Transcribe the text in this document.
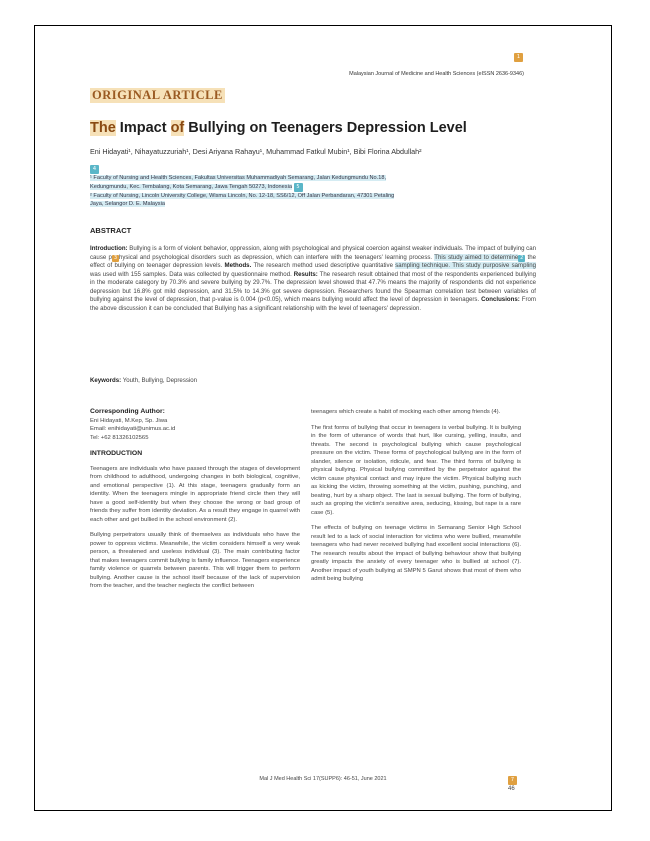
1
Malaysian Journal of Medicine and Health Sciences (eISSN 2636-9346)
ORIGINAL ARTICLE
The Impact of Bullying on Teenagers Depression Level
Eni Hidayati¹, Nihayatuzzuriah¹, Desi Ariyana Rahayu¹, Muhammad Fatkul Mubin¹, Bibi Florina Abdullah²
4
¹ Faculty of Nursing and Health Sciences, Fakultas Universitas Muhammadiyah Semarang, Jalan Kedungmundu No.18,
Kedungmundu, Kec. Tembalang, Kota Semarang, Jawa Tengah 50273, Indonesia 5
² Faculty of Nursing, Lincoln University College, Wisma Lincoln, No. 12-18, SS6/12, Off Jalan Perbandaran, 47301 Petaling
Jaya, Selangor D. E. Malaysia
ABSTRACT
Introduction: Bullying is a form of violent behavior, oppression, along with psychological and physical coercion against weaker individuals. The impact of bullying can cause p 3 hysical and psychological disorders such as depression, which can interfere with the teenagers' learning process. This study aimed to determine 2 the effect of bullying on teenager depression levels. Methods. The research method used descriptive quantitative sampling technique. This study purposive sampling was used with 155 samples. Data was collected by questionnaire method. Results: The research result obtained that most of the respondents experienced bullying in the moderate category by 70.3% and severe bullying by 29.7%. The depression level showed that 47.7% means the majority of respondents did not experience depression but 16.8% got mild depression, and 31.5% to 14.3% got severe depression. Researchers found the Spearman correlation test between variables of bullying against the level of depression, that p-value is 0.004 (p<0.05), which means bullying would affect the level of depression in teenagers. Conclusions: From the above discussion it can be concluded that Bullying has a significant relationship with the level of teenagers' depression.
Keywords: Youth, Bullying, Depression
Corresponding Author:

Eni Hidayati, M.Kep, Sp. Jiwa

Email: enihidayati@unimus.ac.id

Tel: +62 81326102565

INTRODUCTION

Teenagers are individuals who have passed through the stages of development from childhood to adulthood, undergoing changes in both biological, cognitive, and emotional perspective (1). At this stage, teenagers gradually form an identity. When the teenagers mingle in appropriate friend circle then they will have a good self-identity but when they choose the wrong or bad group of friends they suffer from identity deviation. As a result they engage in quarrel with each other and get bullied in the school environment (2).

Bullying perpetrators usually think of themselves as individuals who have the power to oppress victims. Meanwhile, the victim considers himself a very weak person, a threatened and useless individual (3). The main contributing factor that makes teenagers commit bullying is family influence. Teenagers experience family violence or quarrels between parents. This will trigger them to perform bullying. Another cause is the school itself because of the lack of supervision from the teacher, and the teacher neglects the conflict between

teenagers which create a habit of mocking each other among friends (4).

The first forms of bullying that occur in teenagers is verbal bullying. It is bullying in the form of utterance of words that hurt, like cursing, yelling, insults, and threats. The second is psychological bullying which cause psychological pressure on the victim. These forms of psychological bullying are in the form of slander, silence or isolation, ridicule, and fear. The third forms of bullying is physical bullying. Physical bullying committed by the perpetrator against the victim cause physical contact and may injure the victim. Physical bullying such as kicking the victim, throwing something at the victim, pushing, punching, and beating, hurt by a sharp object. The last is sexual bullying. The form of bullying, such as groping the victim's sensitive area, seducing, kissing, but rape is a rare case (5).

The effects of bullying on teenage victims in Semarang Senior High School result led to a lack of social interaction for victims who were bullied, meanwhile teenagers who had never received bullying had excellent social interactions (6). The research results about the impact of bullying behaviour show that bullying greatly impacts the anxiety of every teenager who is bullied at school (7). Another impact of youth bullying at SMPN 5 Garut shows that most of them who admit being bullying

Mal J Med Health Sci 17(SUPP6): 46-51, June 2021	7
46
